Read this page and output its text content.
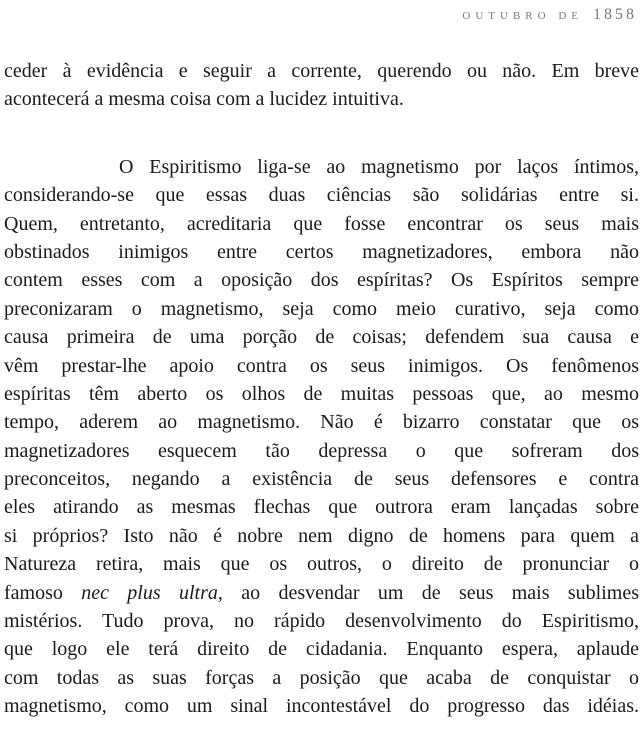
OUTUBRO DE 1858
ceder à evidência e seguir a corrente, querendo ou não. Em breve
acontecerá a mesma coisa com a lucidez intuitiva.
O Espiritismo liga-se ao magnetismo por laços íntimos,
considerando-se que essas duas ciências são solidárias entre si.
Quem, entretanto, acreditaria que fosse encontrar os seus mais
obstinados inimigos entre certos magnetizadores, embora não
contem esses com a oposição dos espíritas? Os Espíritos sempre
preconizaram o magnetismo, seja como meio curativo, seja como
causa primeira de uma porção de coisas; defendem sua causa e
vêm prestar-lhe apoio contra os seus inimigos. Os fenômenos
espíritas têm aberto os olhos de muitas pessoas que, ao mesmo
tempo, aderem ao magnetismo. Não é bizarro constatar que os
magnetizadores esquecem tão depressa o que sofreram dos
preconceitos, negando a existência de seus defensores e contra
eles atirando as mesmas flechas que outrora eram lançadas sobre
si próprios? Isto não é nobre nem digno de homens para quem a
Natureza retira, mais que os outros, o direito de pronunciar o
famoso nec plus ultra, ao desvendar um de seus mais sublimes
mistérios. Tudo prova, no rápido desenvolvimento do Espiritismo,
que logo ele terá direito de cidadania. Enquanto espera, aplaude
com todas as suas forças a posição que acaba de conquistar o
magnetismo, como um sinal incontestável do progresso das idéias.
